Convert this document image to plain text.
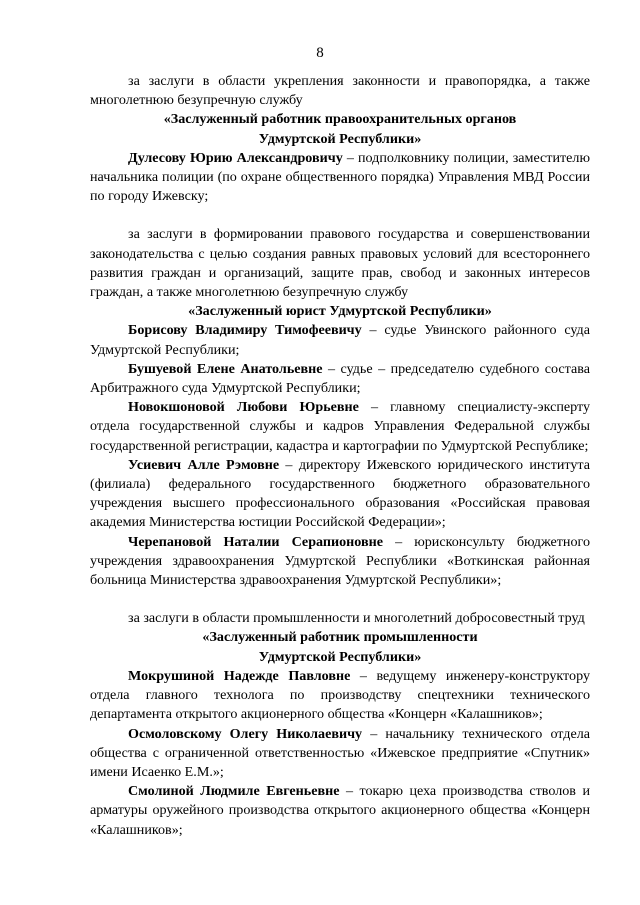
8

за заслуги в области укрепления законности и правопорядка, а также многолетнюю безупречную службу

«Заслуженный работник правоохранительных органов

Удмуртской Республики»

Дулесову Юрию Александровичу – подполковнику полиции, заместителю начальника полиции (по охране общественного порядка) Управления МВД России по городу Ижевску;

за заслуги в формировании правового государства и совершенствовании законодательства с целью создания равных правовых условий для всестороннего развития граждан и организаций, защите прав, свобод и законных интересов граждан, а также многолетнюю безупречную службу

«Заслуженный юрист Удмуртской Республики»

Борисову Владимиру Тимофеевичу – судье Увинского районного суда Удмуртской Республики;

Бушуевой Елене Анатольевне – судье – председателю судебного состава Арбитражного суда Удмуртской Республики;

Новокшоновой Любови Юрьевне – главному специалисту-эксперту отдела государственной службы и кадров Управления Федеральной службы государственной регистрации, кадастра и картографии по Удмуртской Республике;

Усиевич Алле Рэмовне – директору Ижевского юридического института (филиала) федерального государственного бюджетного образовательного учреждения высшего профессионального образования «Российская правовая академия Министерства юстиции Российской Федерации»;

Черепановой Наталии Серапионовне – юрисконсульту бюджетного учреждения здравоохранения Удмуртской Республики «Воткинская районная больница Министерства здравоохранения Удмуртской Республики»;

за заслуги в области промышленности и многолетний добросовестный труд

«Заслуженный работник промышленности

Удмуртской Республики»

Мокрушиной Надежде Павловне – ведущему инженеру-конструктору отдела главного технолога по производству спецтехники технического департамента открытого акционерного общества «Концерн «Калашников»;

Осмоловскому Олегу Николаевичу – начальнику технического отдела общества с ограниченной ответственностью «Ижевское предприятие «Спутник» имени Исаенко Е.М.»;

Смолиной Людмиле Евгеньевне – токарю цеха производства стволов и арматуры оружейного производства открытого акционерного общества «Концерн «Калашников»;
